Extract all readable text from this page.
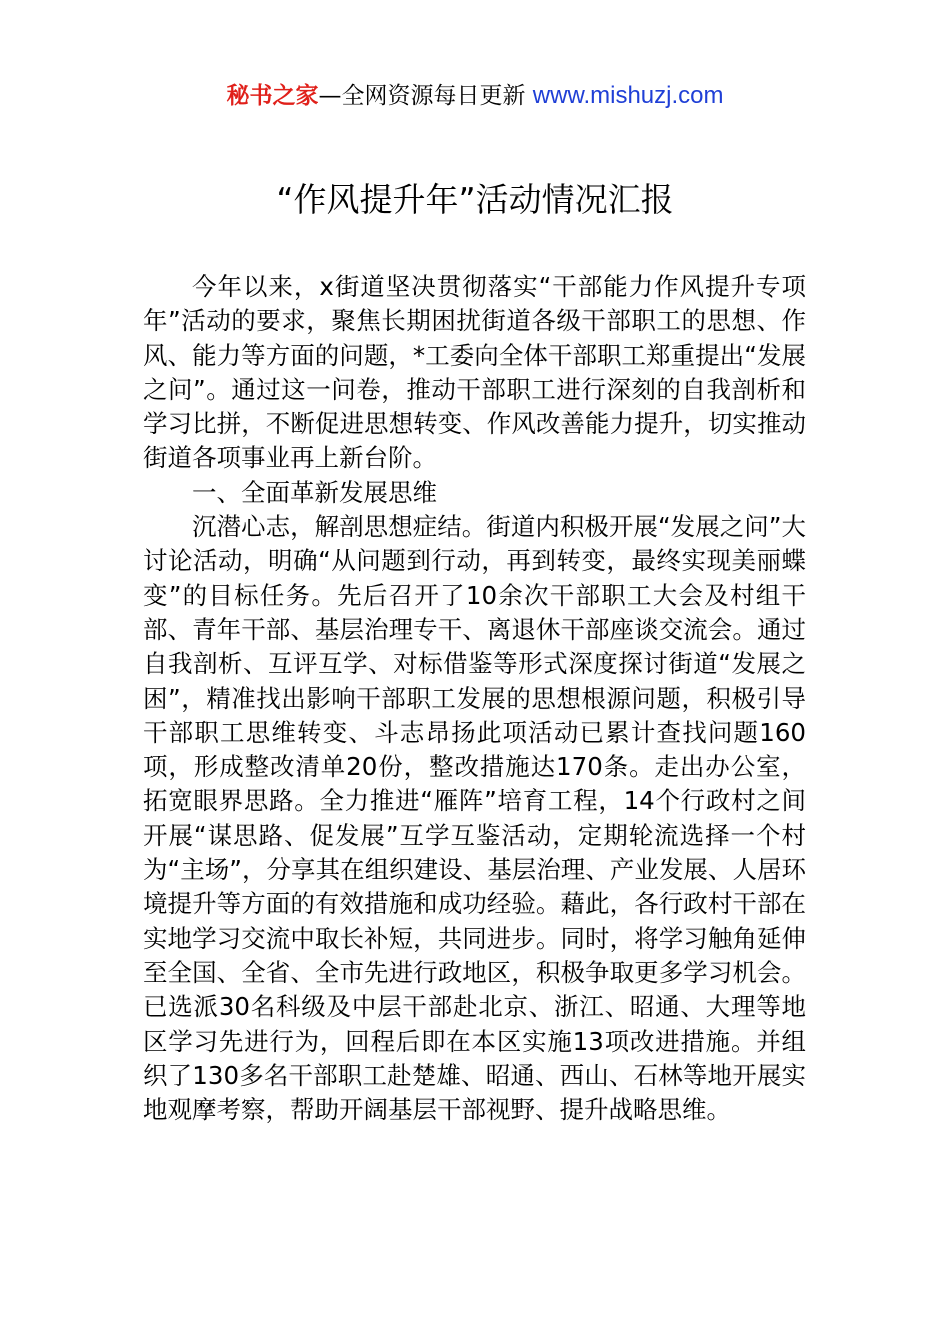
秘书之家—全网资源每日更新 www.mishuzj.com
“作风提升年”活动情况汇报

今年以来，x街道坚决贯彻落实“干部能力作风提升专项年”活动的要求，聚焦长期困扰街道各级干部职工的思想、作风、能力等方面的问题，*工委向全体干部职工郑重提出“发展之问”。通过这一问卷，推动干部职工进行深刻的自我剖析和学习比拼，不断促进思想转变、作风改善能力提升，切实推动街道各项事业再上新台阶。

一、全面革新发展思维

沉潜心志，解剖思想症结。街道内积极开展“发展之问”大讨论活动，明确“从问题到行动，再到转变，最终实现美丽蝶变”的目标任务。先后召开了10余次干部职工大会及村组干部、青年干部、基层治理专干、离退休干部座谈交流会。通过自我剖析、互评互学、对标借鉴等形式深度探讨街道“发展之困”，精准找出影响干部职工发展的思想根源问题，积极引导干部职工思维转变、斗志昂扬此项活动已累计查找问题160项，形成整改清单20份，整改措施达170条。走出办公室，拓宽眼界思路。全力推进“雁阵”培育工程，14个行政村之间开展“谋思路、促发展”互学互鉴活动，定期轮流选择一个村为“主场”，分享其在组织建设、基层治理、产业发展、人居环境提升等方面的有效措施和成功经验。藉此，各行政村干部在实地学习交流中取长补短，共同进步。同时，将学习触角延伸至全国、全省、全市先进行政地区，积极争取更多学习机会。已选派30名科级及中层干部赴北京、浙江、昭通、大理等地区学习先进行为，回程后即在本区实施13项改进措施。并组织了130多名干部职工赴楚雄、昭通、西山、石林等地开展实地观摩考察，帮助开阔基层干部视野、提升战略思维。
